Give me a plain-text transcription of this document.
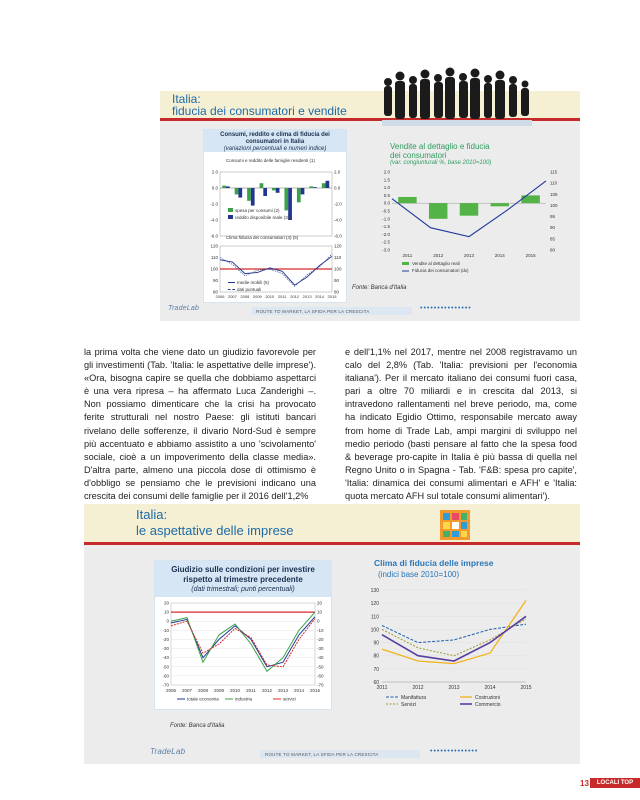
Italia:
fiducia dei consumatori e vendite
Consumi, reddito e clima di fiducia dei
consumatori in Italia
(variazioni percentuali e numeri indice)
2.0	2.0
0.0	0.0
-2.0	-2.0
-4.0	-4.0
-6.0	-6.0
120	120
110	110
100	100
90	90
80	80
2006 2007 2008 2009 2010 2011 2012 2013 2014 2015
Consumi e reddito delle famiglie residenti (1)
Clima fiducia dei consumatori (4) (5)
spesa per consumi (2)
reddito disponibile reale (3)
medie mobili (5)
dati puntuali
Vendite al dettaglio e fiducia
dei consumatori
(var. congiunturali %, base 2010=100)
2.0
1.5
1.0
0.5
0.0
-0.5
-1.0
-1.5
-2.0
-2.5
-3.0
115
110
105
100
95
90
85
80
2011	2012	2013	2014	2015
Vendite al dettaglio reali
Fiducia dei consumatori (dx)
Fonte: Banca d'Italia
TradeLab	ROUTE TO MARKET, LA SFIDA PER LA CRESCITA	•••••••••••••••
la prima volta che viene dato un giudizio favorevole per gli investimenti (Tab. 'Italia: le aspettative delle imprese'). «Ora, bisogna capire se quella che dobbiamo aspettarci è una vera ripresa – ha affermato Luca Zanderighi –. Non possiamo dimenticare che la crisi ha provocato ferite strutturali nel nostro Paese: gli istituti bancari rivelano delle sofferenze, il divario Nord-Sud è sempre più accentuato e abbiamo assistito a uno 'scivolamento' sociale, cioè a un impoverimento della classe media». D'altra parte, almeno una piccola dose di ottimismo è d'obbligo se pensiamo che le previsioni indicano una crescita dei consumi delle famiglie per il 2016 dell'1,2%
e dell'1,1% nel 2017, mentre nel 2008 registravamo un calo del 2,8% (Tab. 'Italia: previsioni per l'economia italiana'). Per il mercato italiano dei consumi fuori casa, pari a oltre 70 miliardi e in crescita dal 2013, si intravedono rallentamenti nel breve periodo, ma, come ha indicato Egidio Ottimo, responsabile mercato away from home di Trade Lab, ampi margini di sviluppo nel medio periodo (basti pensare al fatto che la spesa food & beverage pro-capite in Italia è più bassa di quella nel Regno Unito o in Spagna - Tab. 'F&B: spesa pro capite', 'Italia: dinamica dei consumi alimentari e AFH' e 'Italia: quota mercato AFH sul totale consumi alimentari').
Italia:
le aspettative delle imprese
Giudizio sulle condizioni per investire
rispetto al trimestre precedente
(dati trimestrali; punti percentuali)
20	20
10	10
0	0
-10	-10
-20	-20
-30	-30
-40	-40
-50	-50
-60	-60
-70	-70
2006 2007 2008 2009 2010 2011 2012 2013 2014 2015
totale economia	industria	servizi
Clima di fiducia delle imprese
(indici base 2010=100)
130
120
110
100
90
80
70
60
2011	2012	2013	2014	2015
Manifattura	Costruzioni
Servizi	Commercio
Fonte: Banca d'Italia
TradeLab	ROUTE TO MARKET, LA SFIDA PER LA CRESCITA	••••••••••••••
13	LOCALI TOP
